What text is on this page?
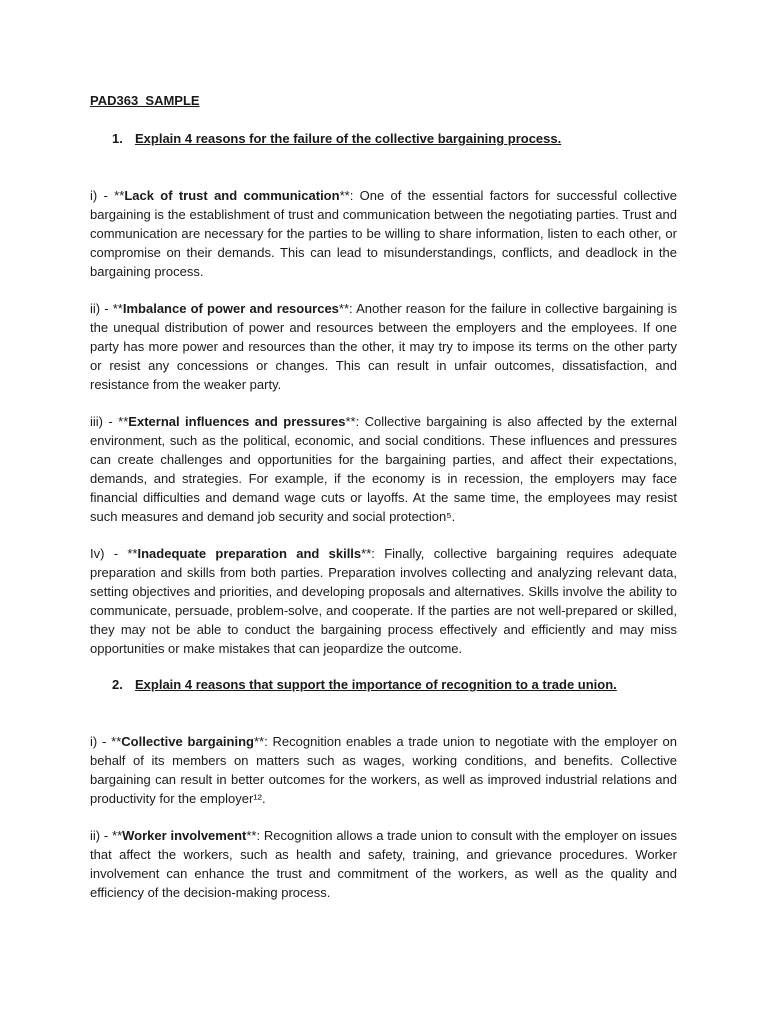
PAD363  SAMPLE
1. Explain 4 reasons for the failure of the collective bargaining process.

i) - **Lack of trust and communication**: One of the essential factors for successful collective bargaining is the establishment of trust and communication between the negotiating parties. Trust and communication are necessary for the parties to be willing to share information, listen to each other, or compromise on their demands. This can lead to misunderstandings, conflicts, and deadlock in the bargaining process.

ii) - **Imbalance of power and resources**: Another reason for the failure in collective bargaining is the unequal distribution of power and resources between the employers and the employees. If one party has more power and resources than the other, it may try to impose its terms on the other party or resist any concessions or changes. This can result in unfair outcomes, dissatisfaction, and resistance from the weaker party.

iii) - **External influences and pressures**: Collective bargaining is also affected by the external environment, such as the political, economic, and social conditions. These influences and pressures can create challenges and opportunities for the bargaining parties, and affect their expectations, demands, and strategies. For example, if the economy is in recession, the employers may face financial difficulties and demand wage cuts or layoffs. At the same time, the employees may resist such measures and demand job security and social protection⁵.

Iv) - **Inadequate preparation and skills**: Finally, collective bargaining requires adequate preparation and skills from both parties. Preparation involves collecting and analyzing relevant data, setting objectives and priorities, and developing proposals and alternatives. Skills involve the ability to communicate, persuade, problem-solve, and cooperate. If the parties are not well-prepared or skilled, they may not be able to conduct the bargaining process effectively and efficiently and may miss opportunities or make mistakes that can jeopardize the outcome.

2. Explain 4 reasons that support the importance of recognition to a trade union.

i) - **Collective bargaining**: Recognition enables a trade union to negotiate with the employer on behalf of its members on matters such as wages, working conditions, and benefits. Collective bargaining can result in better outcomes for the workers, as well as improved industrial relations and productivity for the employer¹².

ii) - **Worker involvement**: Recognition allows a trade union to consult with the employer on issues that affect the workers, such as health and safety, training, and grievance procedures. Worker involvement can enhance the trust and commitment of the workers, as well as the quality and efficiency of the decision-making process.
